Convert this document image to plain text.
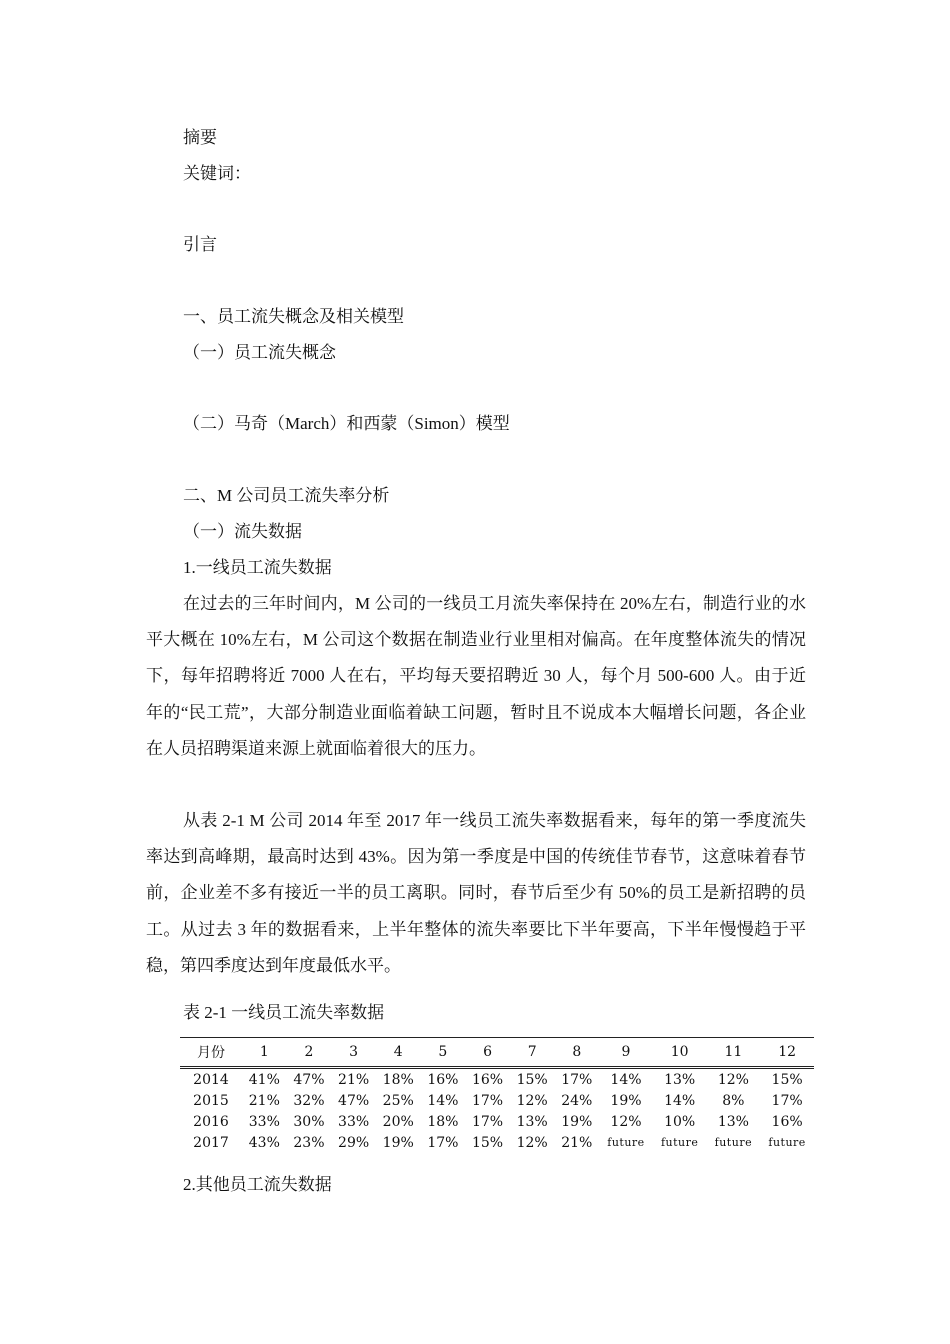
摘要
关键词：
引言
一、员工流失概念及相关模型
（一）员工流失概念
（二）马奇（March）和西蒙（Simon）模型
二、M 公司员工流失率分析
（一）流失数据
1.一线员工流失数据
在过去的三年时间内，M 公司的一线员工月流失率保持在 20%左右，制造行业的水平大概在 10%左右，M 公司这个数据在制造业行业里相对偏高。在年度整体流失的情况下，每年招聘将近 7000 人在右，平均每天要招聘近 30 人，每个月 500-600 人。由于近年的“民工荒”，大部分制造业面临着缺工问题，暂时且不说成本大幅增长问题，各企业在人员招聘渠道来源上就面临着很大的压力。
从表 2-1 M 公司 2014 年至 2017 年一线员工流失率数据看来，每年的第一季度流失率达到高峰期，最高时达到 43%。因为第一季度是中国的传统佳节春节，这意味着春节前，企业差不多有接近一半的员工离职。同时，春节后至少有 50%的员工是新招聘的员工。从过去 3 年的数据看来，上半年整体的流失率要比下半年要高，下半年慢慢趋于平稳，第四季度达到年度最低水平。
表 2-1 一线员工流失率数据
月份	1	2	3	4	5	6	7	8	9	10	11	12
2014	41%	47%	21%	18%	16%	16%	15%	17%	14%	13%	12%	15%
2015	21%	32%	47%	25%	14%	17%	12%	24%	19%	14%	8%	17%
2016	33%	30%	33%	20%	18%	17%	13%	19%	12%	10%	13%	16%
2017	43%	23%	29%	19%	17%	15%	12%	21%	future	future	future	future
2.其他员工流失数据
